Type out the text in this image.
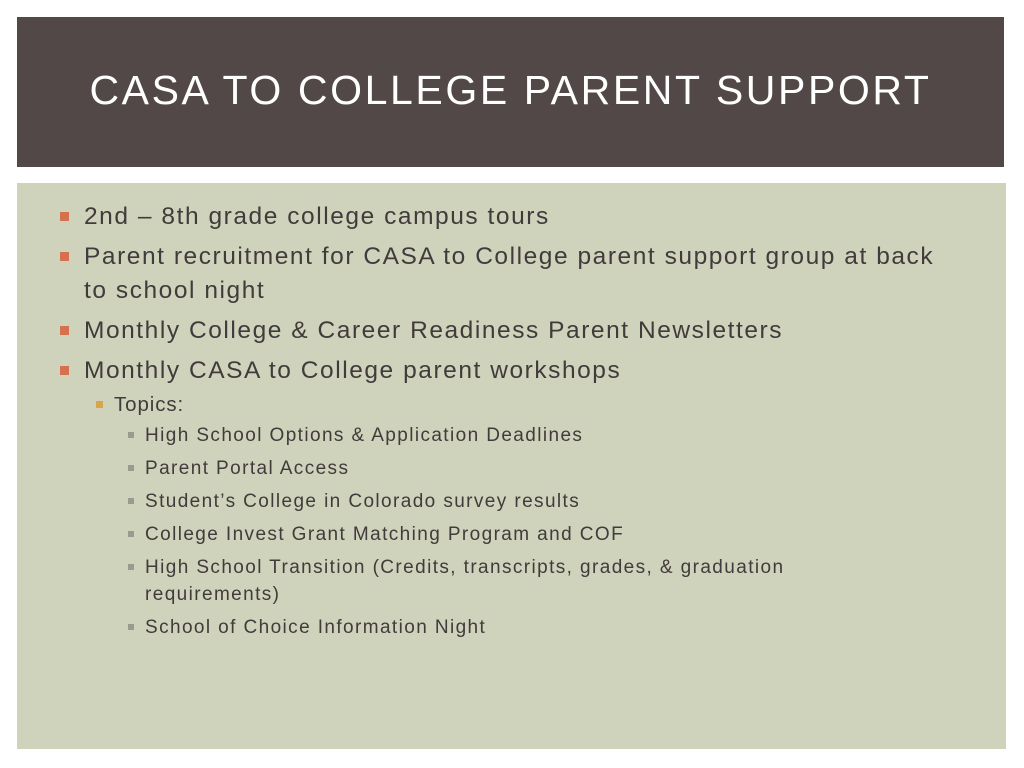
CASA TO COLLEGE PARENT SUPPORT
2nd – 8th grade college campus tours
Parent recruitment for CASA to College parent support group at back to school night
Monthly College & Career Readiness Parent Newsletters
Monthly CASA to College parent workshops
Topics:
High School Options & Application Deadlines
Parent Portal Access
Student’s College in Colorado survey results
College Invest Grant Matching Program and COF
High School Transition (Credits, transcripts, grades, & graduation requirements)
School of Choice Information Night
